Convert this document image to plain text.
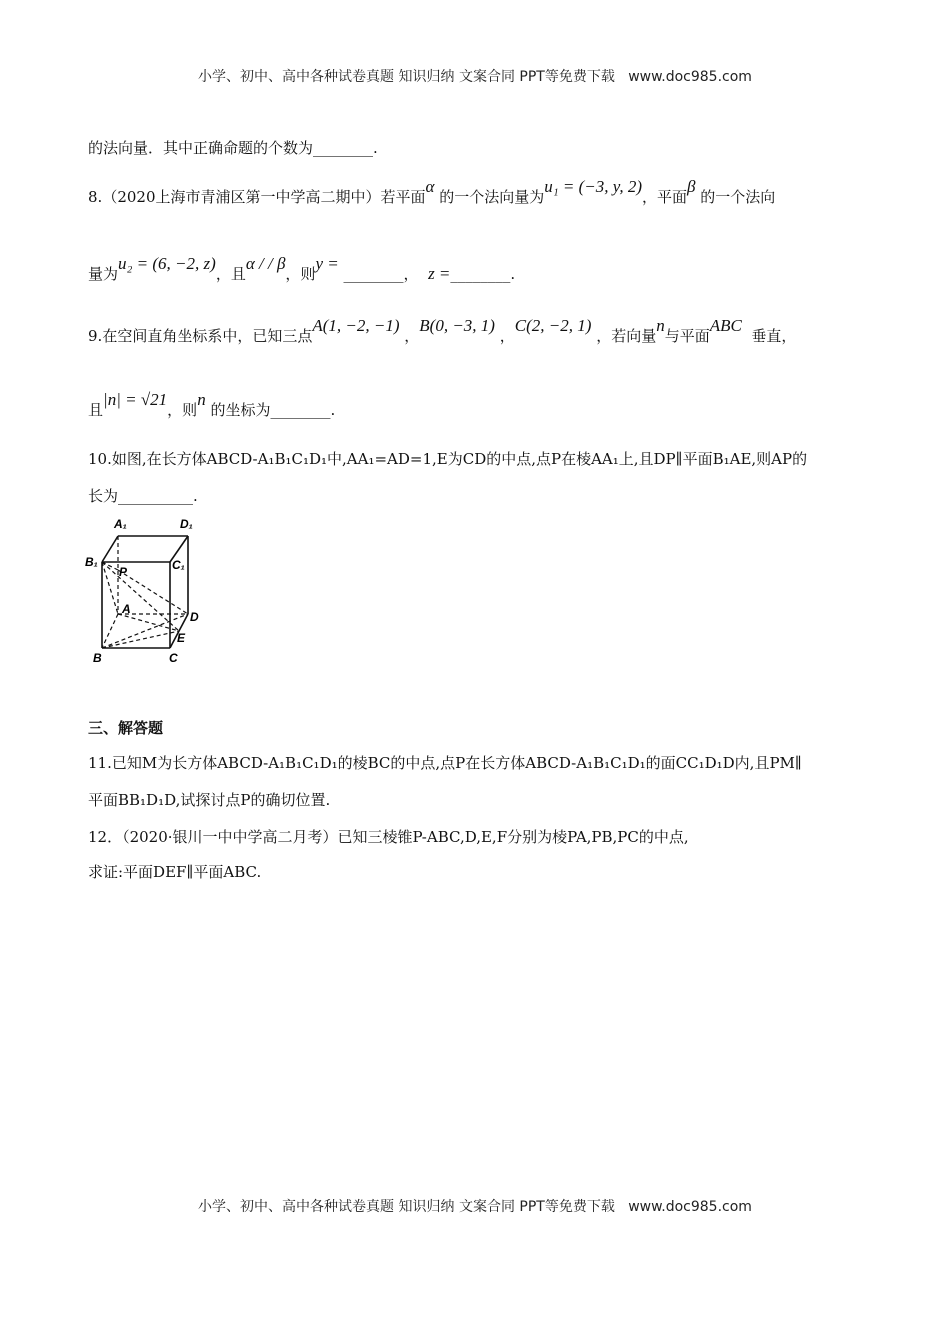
小学、初中、高中各种试卷真题 知识归纳 文案合同 PPT等免费下载 www.doc985.com
的法向量．其中正确命题的个数为________.
8.（2020上海市青浦区第一中学高二期中）若平面α 的一个法向量为u₁ = (−3, y, 2)，平面β 的一个法向
量为u₂ = (6, −2, z)，且α / / β，则y = ________， z =________.
9.在空间直角坐标系中，已知三点A(1, −2, −1) ，B(0, −3, 1) ，C(2, −2, 1) ，若向量n与平面ABC  垂直，
且|n| = √21，则n 的坐标为________.
10.如图,在长方体ABCD-A₁B₁C₁D₁中,AA₁=AD=1,E为CD的中点,点P在棱AA₁上,且DP∥平面B₁AE,则AP的
长为__________.
A₁	D₁
B₁	C₁
P
A
D
E
B	C
三、解答题
11.已知M为长方体ABCD-A₁B₁C₁D₁的棱BC的中点,点P在长方体ABCD-A₁B₁C₁D₁的面CC₁D₁D内,且PM∥
平面BB₁D₁D,试探讨点P的确切位置.
12．（2020·银川一中中学高二月考）已知三棱锥P-ABC,D,E,F分别为棱PA,PB,PC的中点,
求证:平面DEF∥平面ABC.
小学、初中、高中各种试卷真题 知识归纳 文案合同 PPT等免费下载 www.doc985.com
